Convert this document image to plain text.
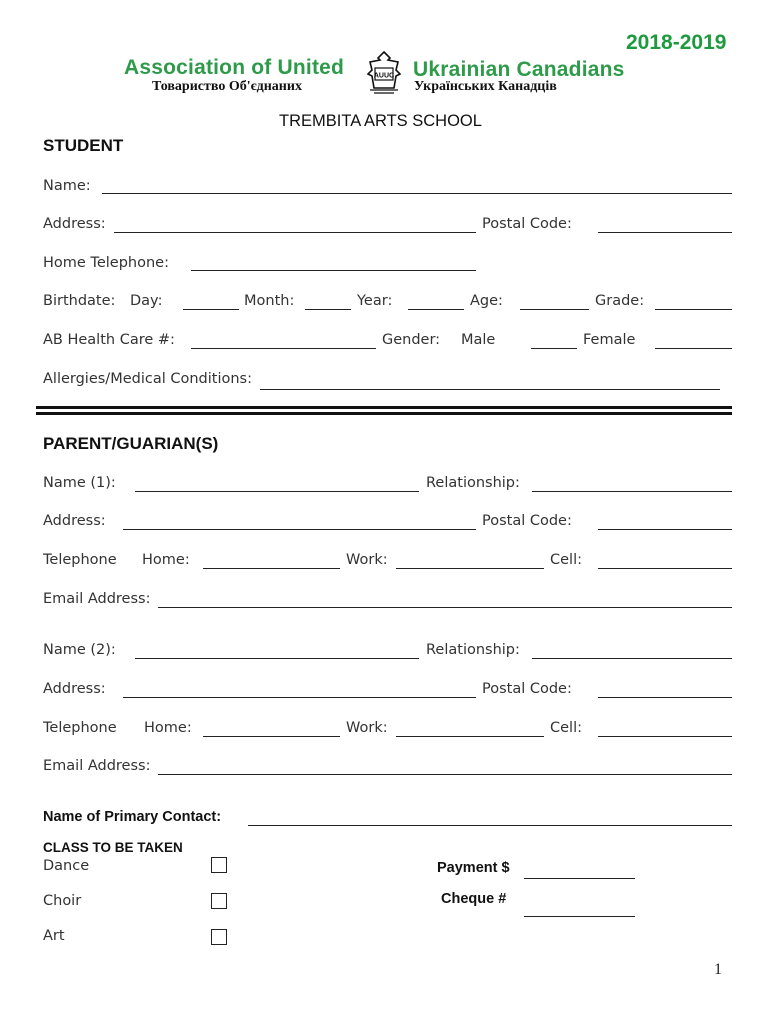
2018-2019
Association of United	Ukrainian Canadians
Товариство Об'єднаних	Українських Канадців
AUUC
TREMBITA ARTS SCHOOL
STUDENT
Name:
Address:	Postal Code:
Home Telephone:
Birthdate: Day:	Month:	Year:	Age:	Grade:
AB Health Care #:	Gender: Male	Female
Allergies/Medical Conditions:
PARENT/GUARIAN(S)
Name (1):	Relationship:
Address:	Postal Code:
Telephone Home:	Work:	Cell:
Email Address:
Name (2):	Relationship:
Address:	Postal Code:
Telephone Home:	Work:	Cell:
Email Address:
Name of Primary Contact:
CLASS TO BE TAKEN
Dance
Choir
Art
Payment $
Cheque #
1
